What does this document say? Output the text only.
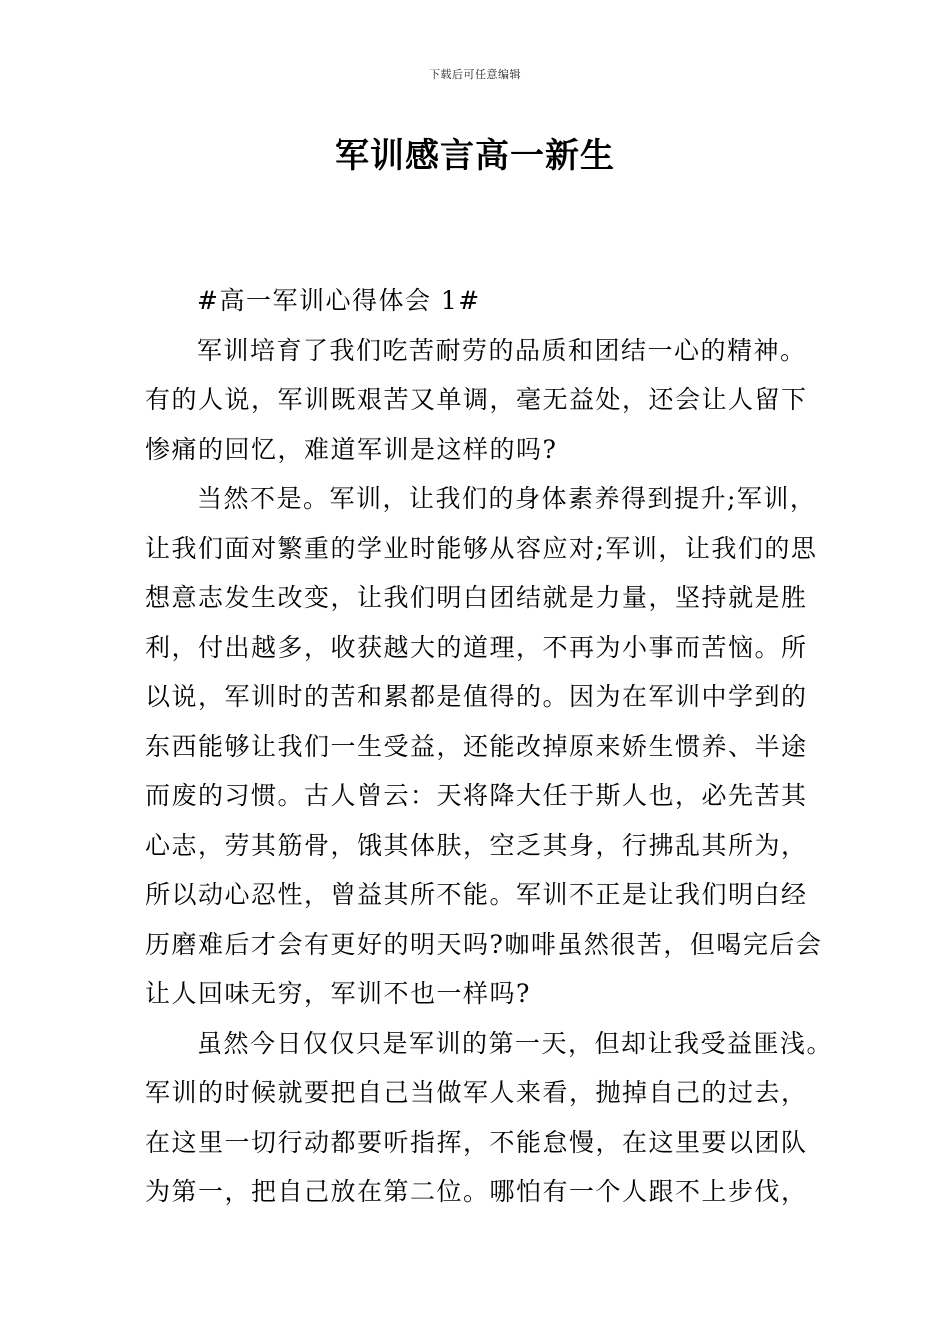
下载后可任意编辑
军训感言高一新生
#高一军训心得体会 1#
军训培育了我们吃苦耐劳的品质和团结一心的精神。
有的人说，军训既艰苦又单调，毫无益处，还会让人留下
惨痛的回忆，难道军训是这样的吗?
当然不是。军训，让我们的身体素养得到提升;军训，
让我们面对繁重的学业时能够从容应对;军训，让我们的思
想意志发生改变，让我们明白团结就是力量，坚持就是胜
利，付出越多，收获越大的道理，不再为小事而苦恼。所
以说，军训时的苦和累都是值得的。因为在军训中学到的
东西能够让我们一生受益，还能改掉原来娇生惯养、半途
而废的习惯。古人曾云：天将降大任于斯人也，必先苦其
心志，劳其筋骨，饿其体肤，空乏其身，行拂乱其所为，
所以动心忍性，曾益其所不能。军训不正是让我们明白经
历磨难后才会有更好的明天吗?咖啡虽然很苦，但喝完后会
让人回味无穷，军训不也一样吗?
虽然今日仅仅只是军训的第一天，但却让我受益匪浅。
军训的时候就要把自己当做军人来看，抛掉自己的过去，
在这里一切行动都要听指挥，不能怠慢，在这里要以团队
为第一，把自己放在第二位。哪怕有一个人跟不上步伐，
